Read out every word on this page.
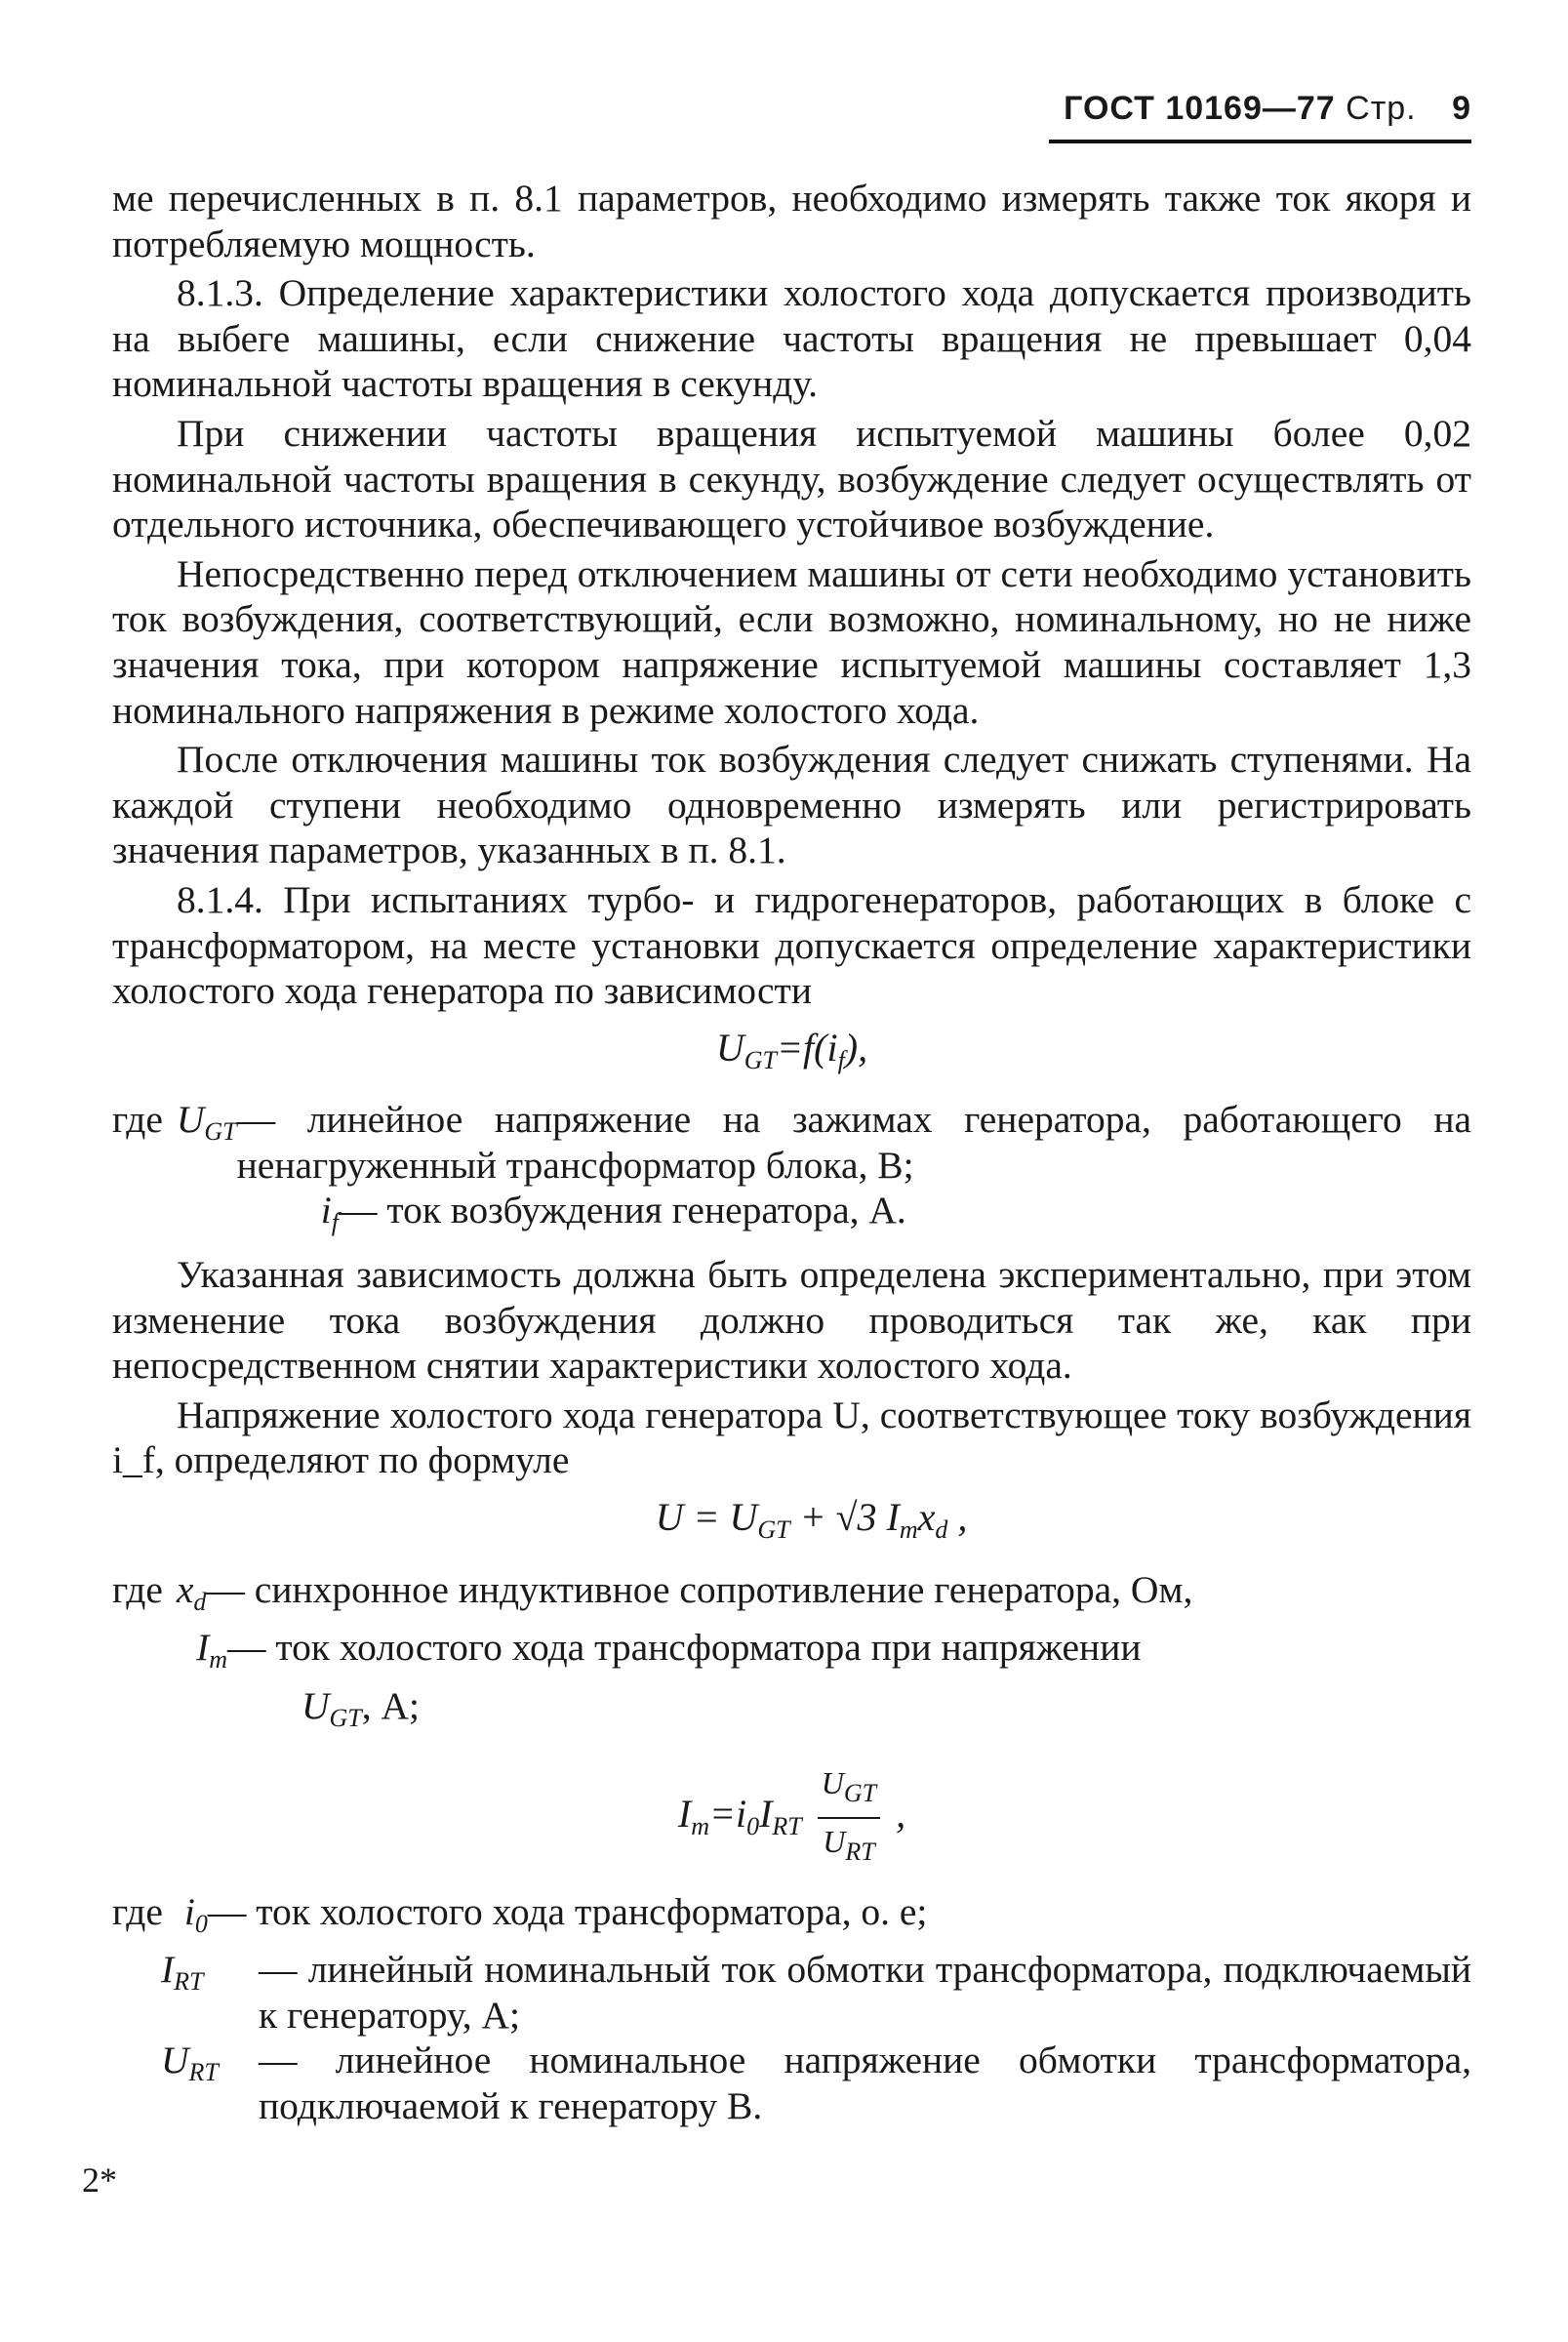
ГОСТ 10169—77 Стр. 9

ме перечисленных в п. 8.1 параметров, необходимо измерять также ток якоря и потребляемую мощность.

8.1.3. Определение характеристики холостого хода допускается производить на выбеге машины, если снижение частоты вращения не превышает 0,04 номинальной частоты вращения в секунду.

При снижении частоты вращения испытуемой машины более 0,02 номинальной частоты вращения в секунду, возбуждение следует осуществлять от отдельного источника, обеспечивающего устойчивое возбуждение.

Непосредственно перед отключением машины от сети необходимо установить ток возбуждения, соответствующий, если возможно, номинальному, но не ниже значения тока, при котором напряжение испытуемой машины составляет 1,3 номинального напряжения в режиме холостого хода.

После отключения машины ток возбуждения следует снижать ступенями. На каждой ступени необходимо одновременно измерять или регистрировать значения параметров, указанных в п. 8.1.

8.1.4. При испытаниях турбо- и гидрогенераторов, работающих в блоке с трансформатором, на месте установки допускается определение характеристики холостого хода генератора по зависимости

$U_{GT}=f(i_f)$,
где $U_{GT}$ — линейное напряжение на зажимах генератора, работающего на ненагруженный трансформатор блока, В;
$i_f$ — ток возбуждения генератора, А.

Указанная зависимость должна быть определена экспериментально, при этом изменение тока возбуждения должно проводиться так же, как при непосредственном снятии характеристики холостого хода.

Напряжение холостого хода генератора U, соответствующее току возбуждения i_f, определяют по формуле

$U = U_{GT} + √3$ $I_тx_d$ ,
где $x_d$ — синхронное индуктивное сопротивление генератора, Ом,
$I_т$ — ток холостого хода трансформатора при напряжении
$U_{GT}$ , А;
$I_т=i_0I_{RT} \frac{U_{GT}}{U_{RT}}$ ,
где $i_0$ — ток холостого хода трансформатора, о. е;
$I_{RT}$	— линейный номинальный ток обмотки трансформатора, подключаемый к генератору, А;
$U_{RT}$	— линейное номинальное напряжение обмотки трансформатора, подключаемой к генератору В.
2*
